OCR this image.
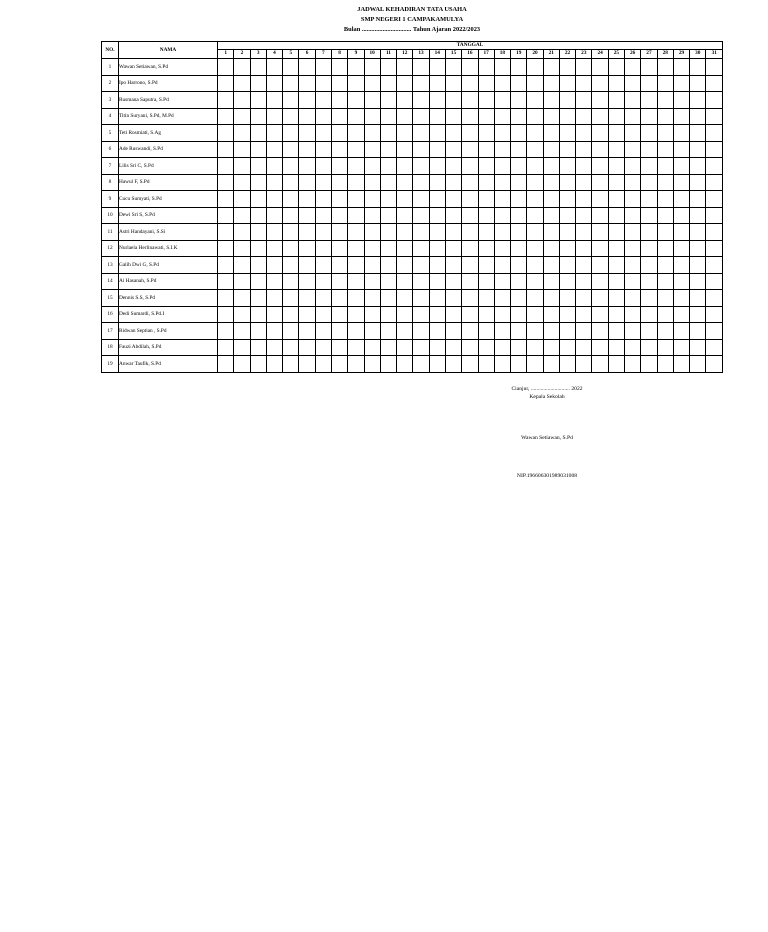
JADWAL KEHADIRAN TATA USAHA
SMP NEGERI 1 CAMPAKAMULYA
Bulan ............................... Tahun Ajaran 2022/2023
NO.	NAMA	TANGGAL																														
		1	2	3	4	5	6	7	8	9	10	11	12	13	14	15	16	17	18	19	20	21	22	23	24	25	26	27	28	29	30	31
1	Wawan Setiawan, S.Pd																															
2	Ipo Harrono, S.Pd																															
3	Rusmana Saputra, S.Pd																															
4	Titin Suryani, S.Pd, M.Pd																															
5	Teti Rosmiati, S.Ag																															
6	Ade Ruswandi, S.Pd																															
7	Lilis Sri C, S.Pd																															
8	Hawul F, S.Pd																															
9	Cucu Sumyati, S.Pd																															
10	Dewi Sri S, S.Pd																															
11	Astri Handayani, S.Si																															
12	Nurlaela Herlinawati, S.I.K																															
13	Galih Dwi G, S.Pd																															
14	Ai Hasanah, S.Pd																															
15	Dennis S.S, S.Pd																															
16	Dedi Sumardi, S.Pd.I																															
17	Ridwan Septian , S.Pd																															
18	Fauzi Abdilah, S.Pd																															
19	Anwar Taufik, S.Pd																															
Cianjur, ............................ 2022
Kepala Sekolah
Wawan Setiawan, S.Pd
NIP.196606301989031008
